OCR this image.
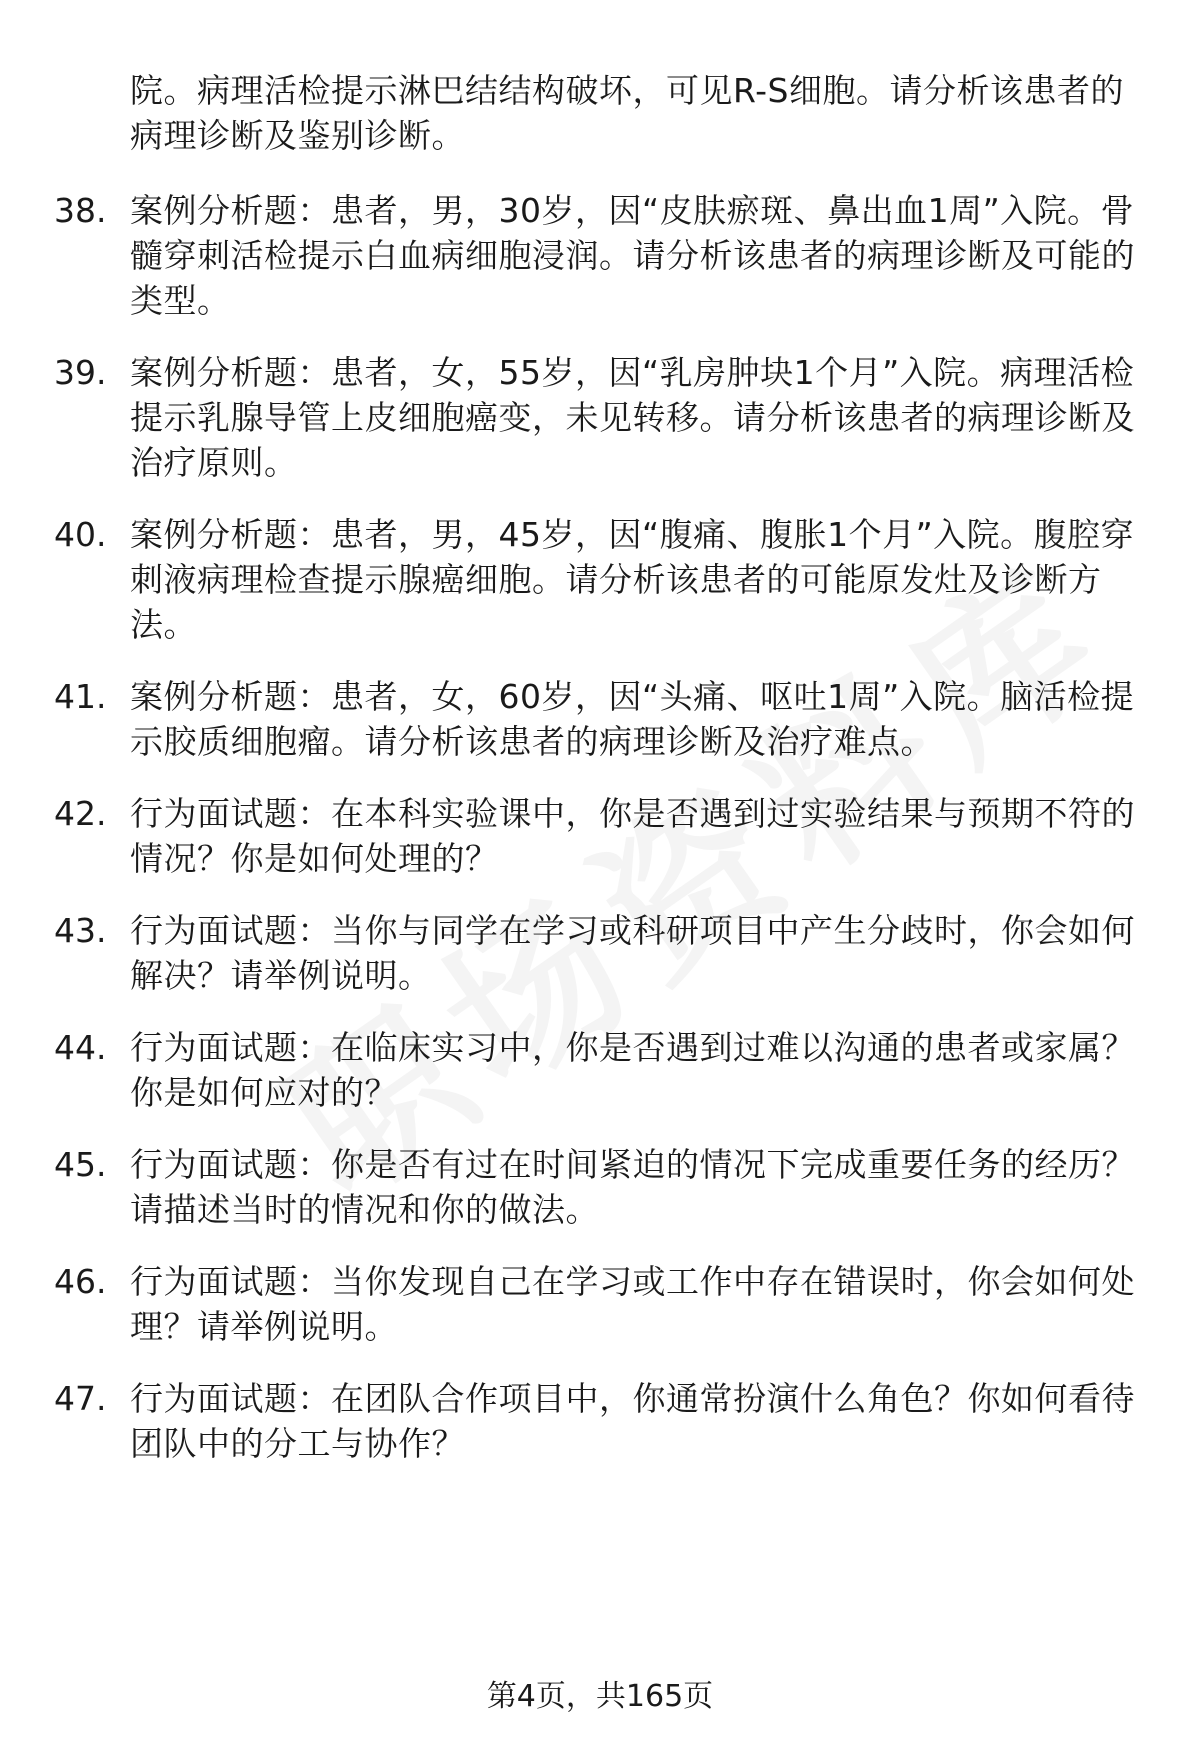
院。病理活检提示淋巴结结构破坏，可见R-S细胞。请分析该患者的病理诊断及鉴别诊断。
38. 案例分析题：患者，男，30岁，因“皮肤瘀斑、鼻出血1周”入院。骨髓穿刺活检提示白血病细胞浸润。请分析该患者的病理诊断及可能的类型。
39. 案例分析题：患者，女，55岁，因“乳房肿块1个月”入院。病理活检提示乳腺导管上皮细胞癌变，未见转移。请分析该患者的病理诊断及治疗原则。
40. 案例分析题：患者，男，45岁，因“腹痛、腹胀1个月”入院。腹腔穿刺液病理检查提示腺癌细胞。请分析该患者的可能原发灶及诊断方法。
41. 案例分析题：患者，女，60岁，因“头痛、呕吐1周”入院。脑活检提示胶质细胞瘤。请分析该患者的病理诊断及治疗难点。
42. 行为面试题：在本科实验课中，你是否遇到过实验结果与预期不符的情况？你是如何处理的？
43. 行为面试题：当你与同学在学习或科研项目中产生分歧时，你会如何解决？请举例说明。
44. 行为面试题：在临床实习中，你是否遇到过难以沟通的患者或家属？你是如何应对的？
45. 行为面试题：你是否有过在时间紧迫的情况下完成重要任务的经历？请描述当时的情况和你的做法。
46. 行为面试题：当你发现自己在学习或工作中存在错误时，你会如何处理？请举例说明。
47. 行为面试题：在团队合作项目中，你通常扮演什么角色？你如何看待团队中的分工与协作？
第4页，共165页
